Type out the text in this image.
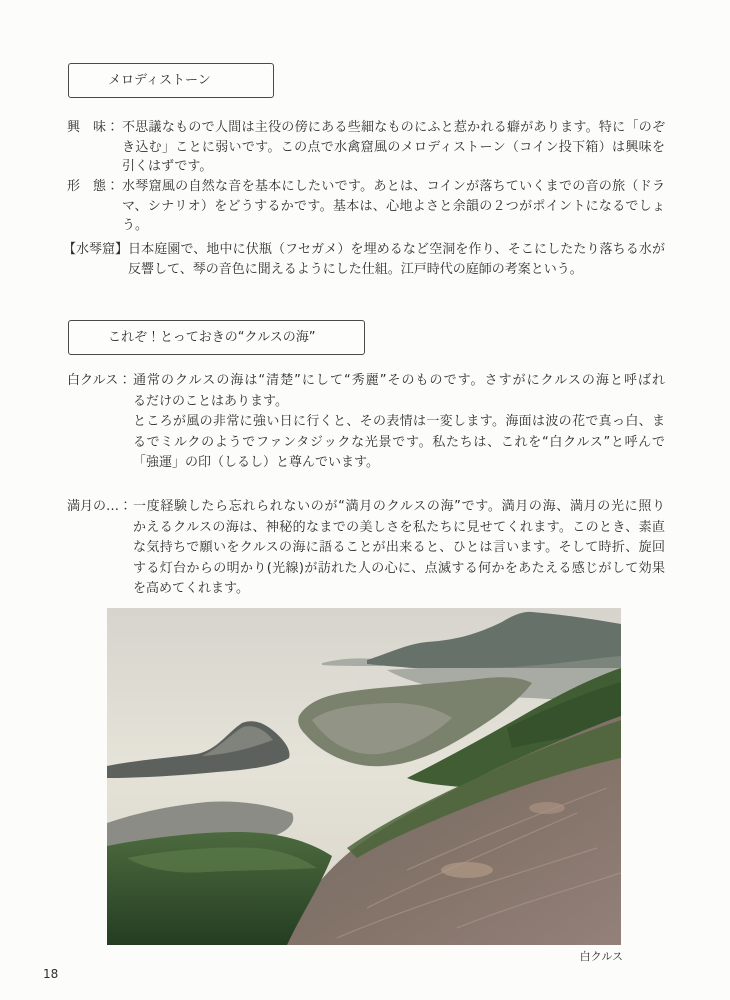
メロディストーン
興　味： 不思議なもので人間は主役の傍にある些細なものにふと惹かれる癖があります。特に「のぞ
き込む」ことに弱いです。この点で水禽窟風のメロディストーン（コイン投下箱）は興味を
引くはずです。
形　態： 水琴窟風の自然な音を基本にしたいです。あとは、コインが落ちていくまでの音の旅（ドラ
マ、シナリオ）をどうするかです。基本は、心地よさと余韻の２つがポイントになるでしょ
う。
【水琴窟】 日本庭園で、地中に伏瓶（フセガメ）を埋めるなど空洞を作り、そこにしたたり落ちる水が
反響して、琴の音色に聞えるようにした仕組。江戸時代の庭師の考案という。
これぞ！とっておきの“クルスの海”
白クルス： 通常のクルスの海は“清楚”にして“秀麗”そのものです。さすがにクルスの海と呼ばれ
るだけのことはあります。
ところが風の非常に強い日に行くと、その表情は一変します。海面は波の花で真っ白、ま
るでミルクのようでファンタジックな光景です。私たちは、これを“白クルス”と呼んで
「強運」の印（しるし）と尊んでいます。
満月の…： 一度経験したら忘れられないのが“満月のクルスの海”です。満月の海、満月の光に照り
かえるクルスの海は、神秘的なまでの美しさを私たちに見せてくれます。このとき、素直
な気持ちで願いをクルスの海に語ることが出来ると、ひとは言います。そして時折、旋回
する灯台からの明かり(光線)が訪れた人の心に、点滅する何かをあたえる感じがして効果
を高めてくれます。
白クルス
18
